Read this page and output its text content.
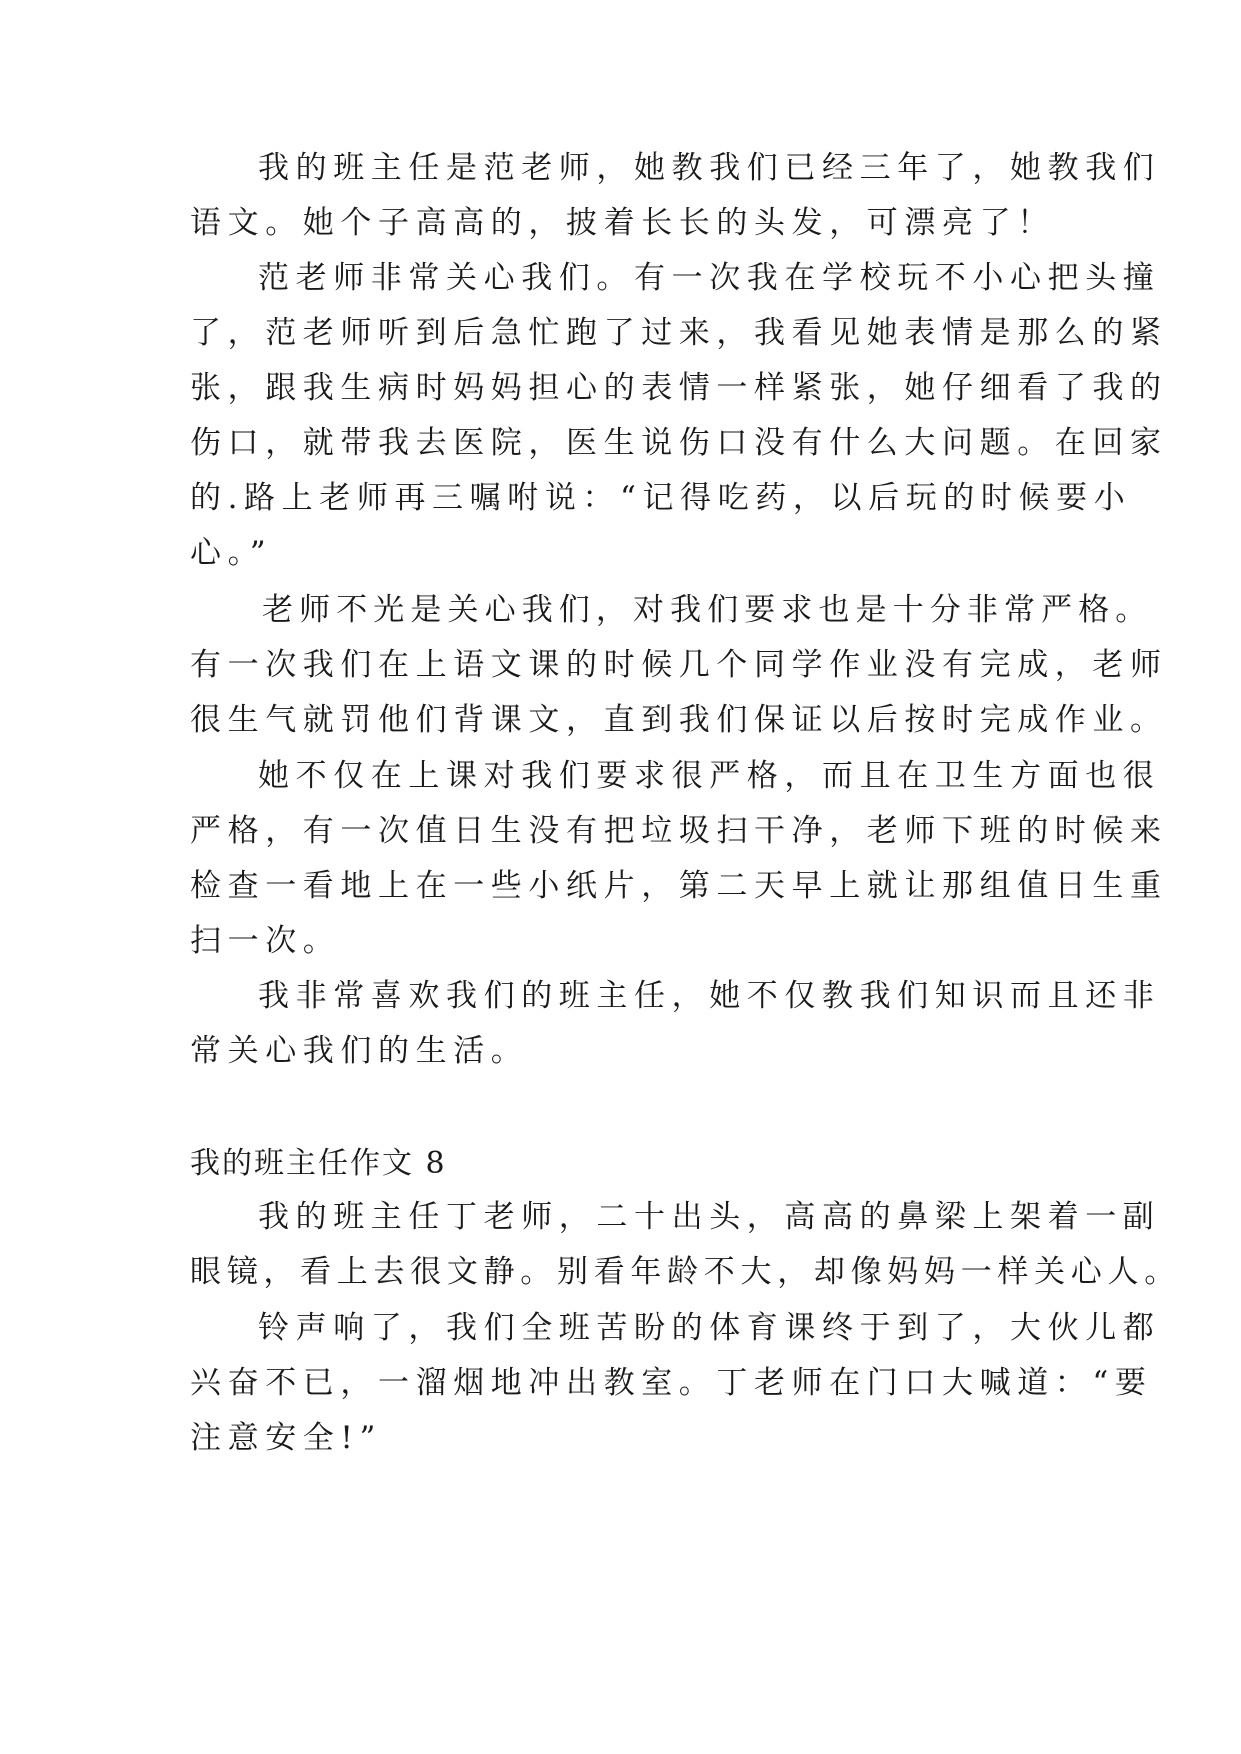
我的班主任是范老师，她教我们已经三年了，她教我们
语文。她个子高高的，披着长长的头发，可漂亮了！
范老师非常关心我们。有一次我在学校玩不小心把头撞
了，范老师听到后急忙跑了过来，我看见她表情是那么的紧
张，跟我生病时妈妈担心的表情一样紧张，她仔细看了我的
伤口，就带我去医院，医生说伤口没有什么大问题。在回家
的.路上老师再三嘱咐说：“记得吃药，以后玩的时候要小
心。”
老师不光是关心我们，对我们要求也是十分非常严格。
有一次我们在上语文课的时候几个同学作业没有完成，老师
很生气就罚他们背课文，直到我们保证以后按时完成作业。
她不仅在上课对我们要求很严格，而且在卫生方面也很
严格，有一次值日生没有把垃圾扫干净，老师下班的时候来
检查一看地上在一些小纸片，第二天早上就让那组值日生重
扫一次。
我非常喜欢我们的班主任，她不仅教我们知识而且还非
常关心我们的生活。
我的班主任作文 8
我的班主任丁老师，二十出头，高高的鼻梁上架着一副
眼镜，看上去很文静。别看年龄不大，却像妈妈一样关心人。
铃声响了，我们全班苦盼的体育课终于到了，大伙儿都
兴奋不已，一溜烟地冲出教室。丁老师在门口大喊道：“要
注意安全!”
